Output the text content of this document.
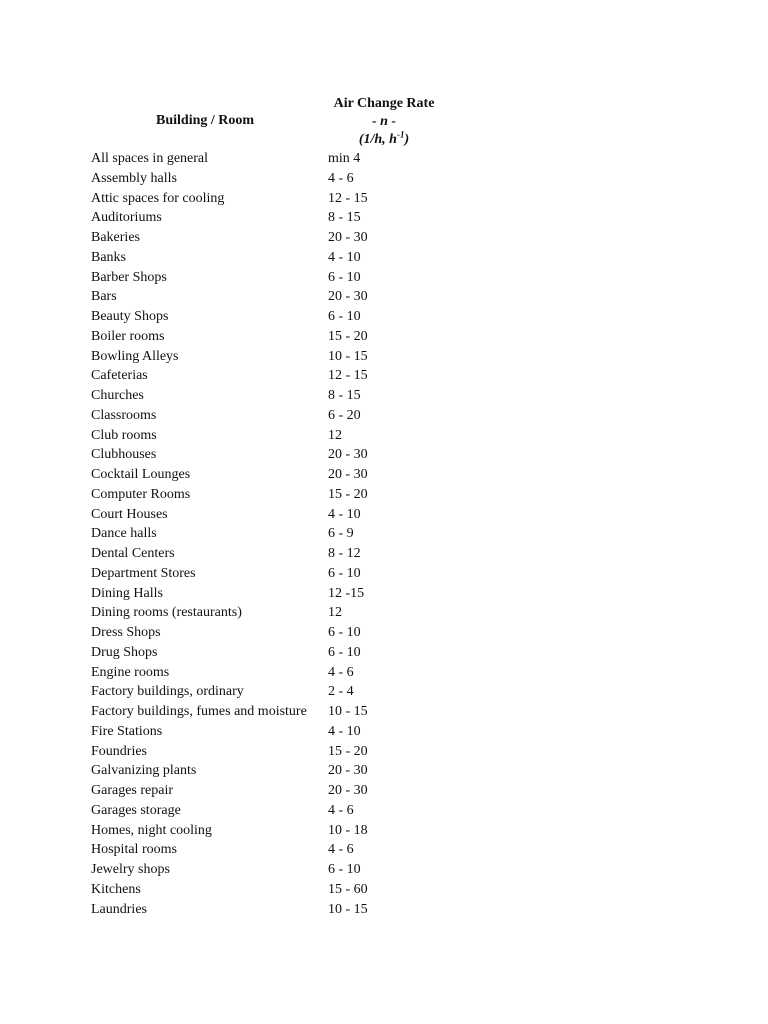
Building / Room
Air Change Rate
- n -
(1/h, $h^{-1}$)
All spaces in general	min 4
Assembly halls	4 - 6
Attic spaces for cooling	12 - 15
Auditoriums	8 - 15
Bakeries	20 - 30
Banks	4 - 10
Barber Shops	6 - 10
Bars	20 - 30
Beauty Shops	6 - 10
Boiler rooms	15 - 20
Bowling Alleys	10 - 15
Cafeterias	12 - 15
Churches	8 - 15
Classrooms	6 - 20
Club rooms	12
Clubhouses	20 - 30
Cocktail Lounges	20 - 30
Computer Rooms	15 - 20
Court Houses	4 - 10
Dance halls	6 - 9
Dental Centers	8 - 12
Department Stores	6 - 10
Dining Halls	12 -15
Dining rooms (restaurants)	12
Dress Shops	6 - 10
Drug Shops	6 - 10
Engine rooms	4 - 6
Factory buildings, ordinary	2 - 4
Factory buildings, fumes and moisture 10 - 15
Fire Stations	4 - 10
Foundries	15 - 20
Galvanizing plants	20 - 30
Garages repair	20 - 30
Garages storage	4 - 6
Homes, night cooling	10 - 18
Hospital rooms	4 - 6
Jewelry shops	6 - 10
Kitchens	15 - 60
Laundries	10 - 15
